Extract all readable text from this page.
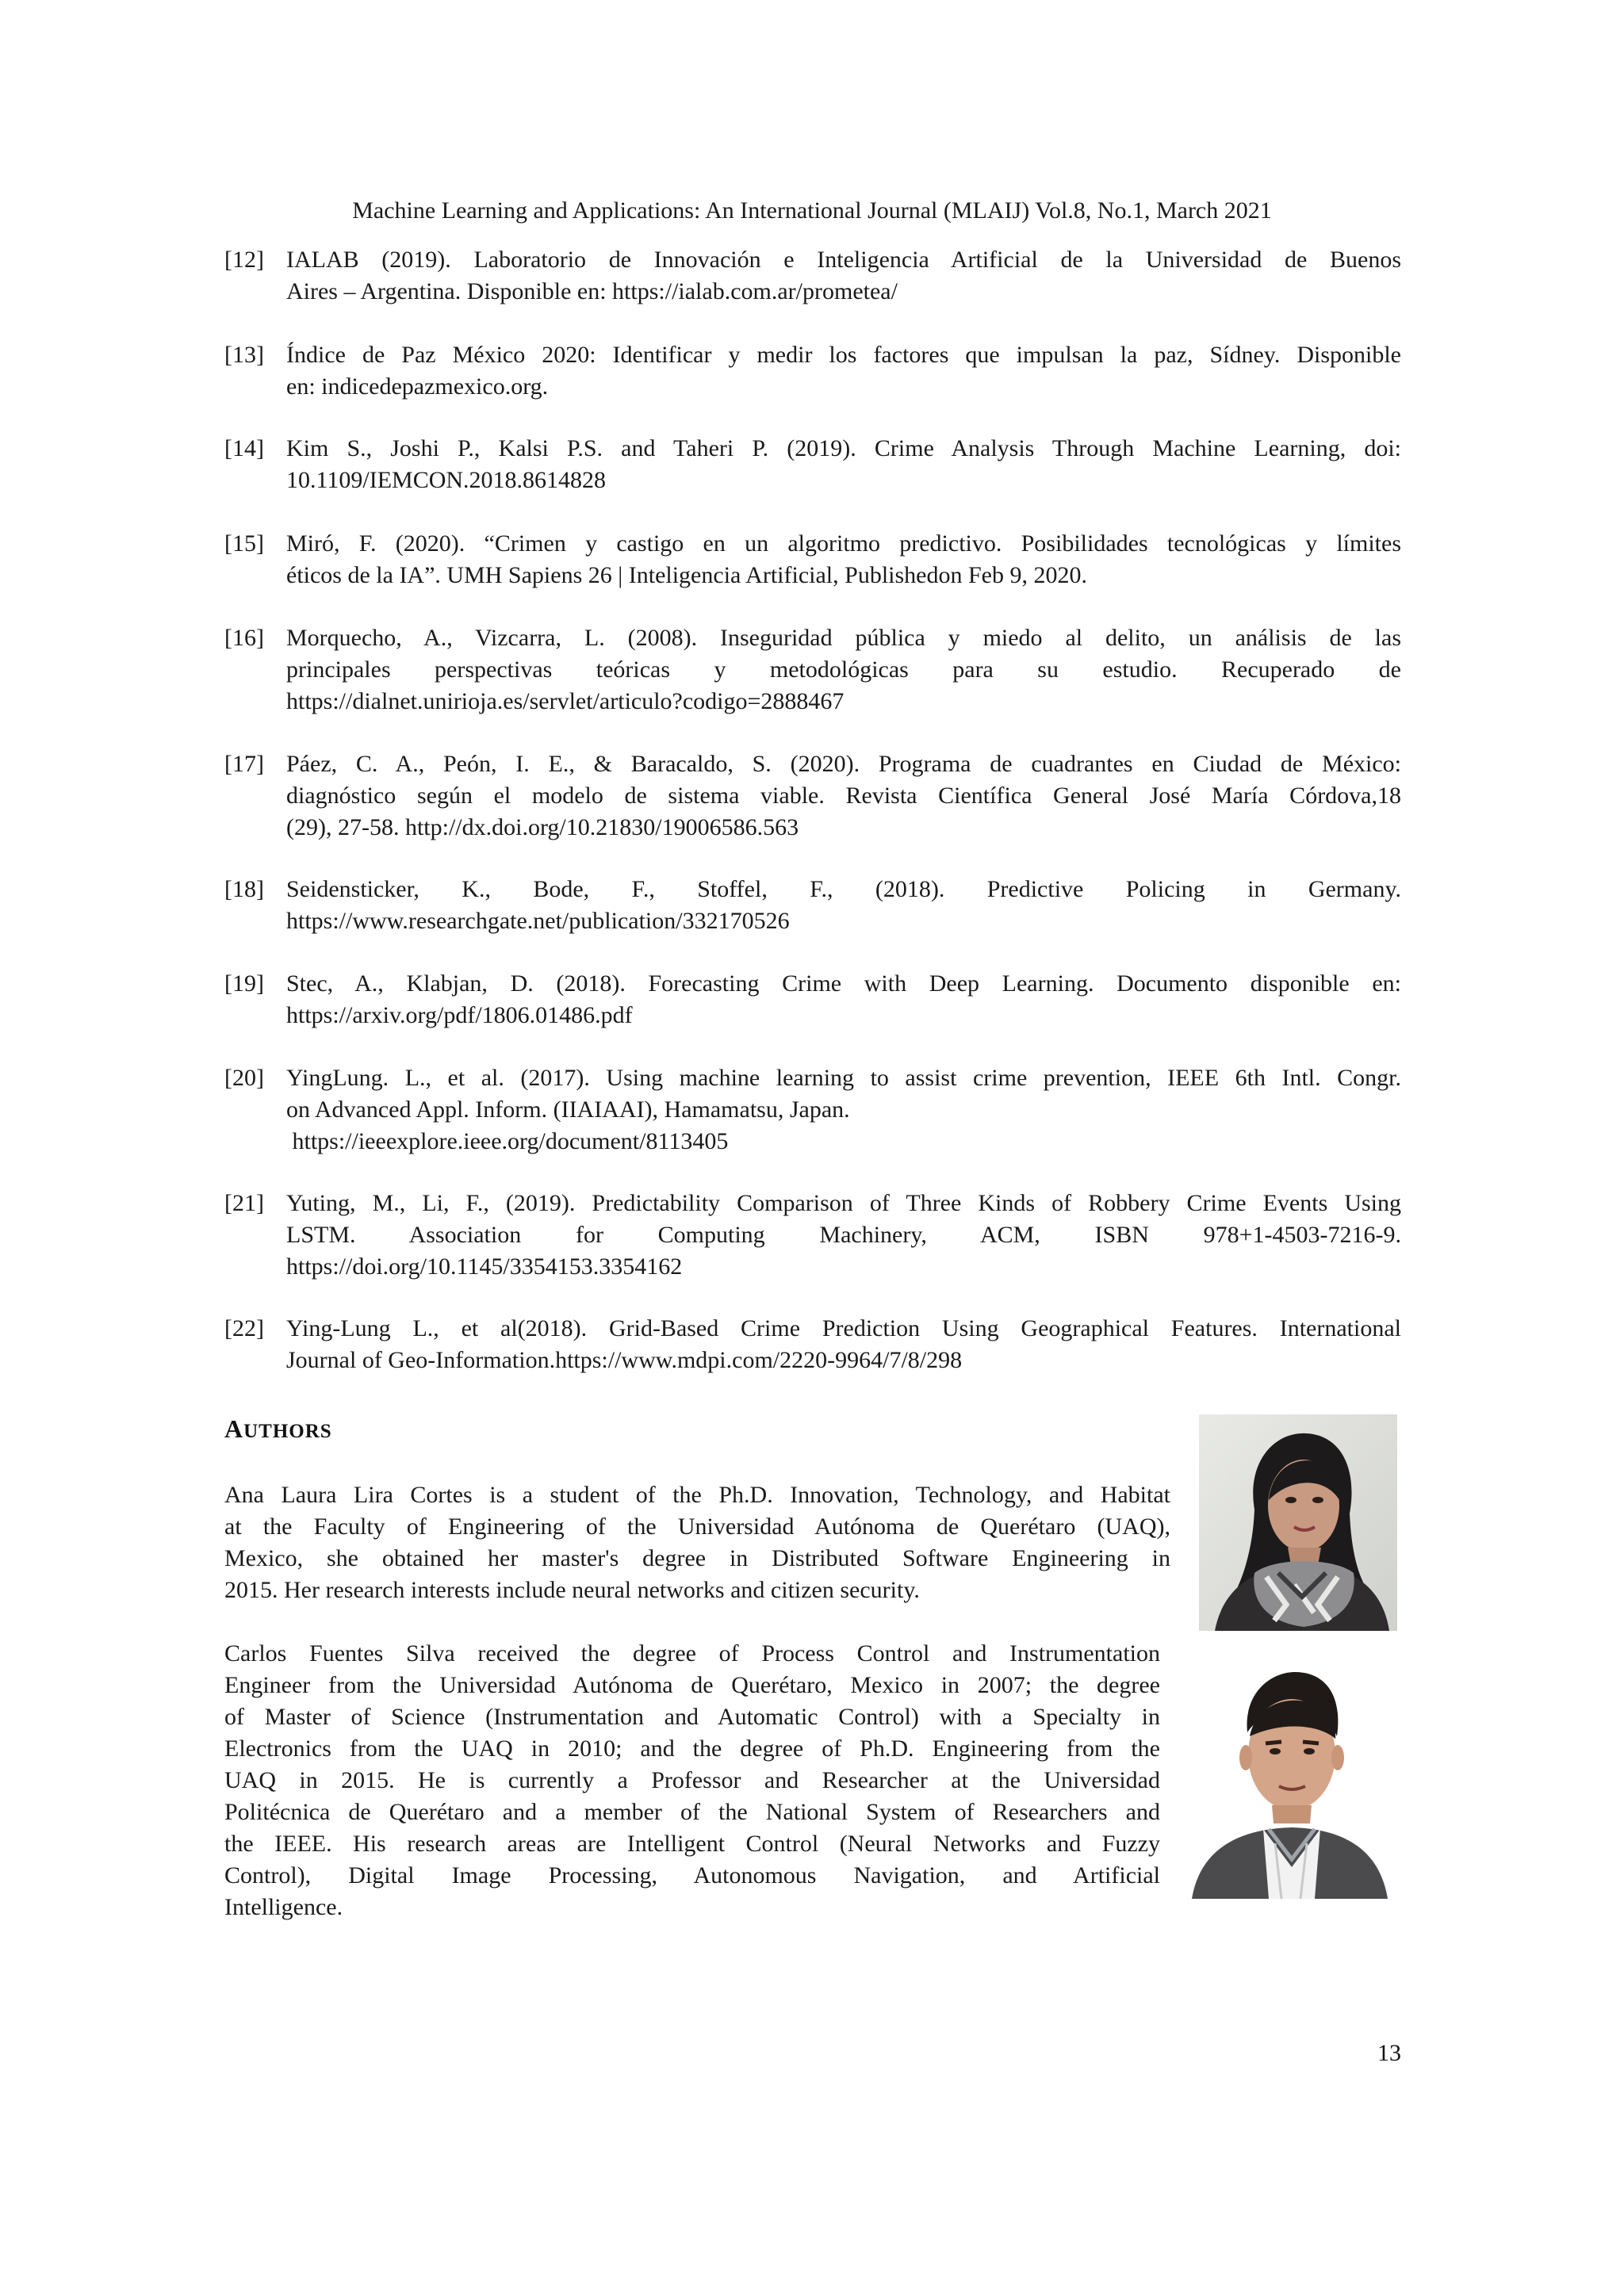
Machine Learning and Applications: An International Journal (MLAIJ) Vol.8, No.1, March 2021
[12] IALAB (2019). Laboratorio de Innovación e Inteligencia Artificial de la Universidad de Buenos
Aires – Argentina. Disponible en: https://ialab.com.ar/prometea/
[13] Índice de Paz México 2020: Identificar y medir los factores que impulsan la paz, Sídney. Disponible
en: indicedepazmexico.org.
[14] Kim S., Joshi P., Kalsi P.S. and Taheri P. (2019). Crime Analysis Through Machine Learning, doi:
10.1109/IEMCON.2018.8614828
[15] Miró, F. (2020). “Crimen y castigo en un algoritmo predictivo. Posibilidades tecnológicas y límites
éticos de la IA”. UMH Sapiens 26 | Inteligencia Artificial, Publishedon Feb 9, 2020.
[16] Morquecho, A., Vizcarra, L. (2008). Inseguridad pública y miedo al delito, un análisis de las
principales perspectivas teóricas y metodológicas para su estudio. Recuperado de
https://dialnet.unirioja.es/servlet/articulo?codigo=2888467
[17] Páez, C. A., Peón, I. E., & Baracaldo, S. (2020). Programa de cuadrantes en Ciudad de México:
diagnóstico según el modelo de sistema viable. Revista Científica General José María Córdova,18
(29), 27-58. http://dx.doi.org/10.21830/19006586.563
[18] Seidensticker, K., Bode, F., Stoffel, F., (2018). Predictive Policing in Germany.
https://www.researchgate.net/publication/332170526
[19] Stec, A., Klabjan, D. (2018). Forecasting Crime with Deep Learning. Documento disponible en:
https://arxiv.org/pdf/1806.01486.pdf
[20] YingLung. L., et al. (2017). Using machine learning to assist crime prevention, IEEE 6th Intl. Congr.
on Advanced Appl. Inform. (IIAIAAI), Hamamatsu, Japan.
https://ieeexplore.ieee.org/document/8113405
[21] Yuting, M., Li, F., (2019). Predictability Comparison of Three Kinds of Robbery Crime Events Using
LSTM. Association for Computing Machinery, ACM, ISBN 978+1-4503-7216-9.
https://doi.org/10.1145/3354153.3354162
[22] Ying-Lung L., et al(2018). Grid-Based Crime Prediction Using Geographical Features. International
Journal of Geo-Information.https://www.mdpi.com/2220-9964/7/8/298
AUTHORS
Ana Laura Lira Cortes is a student of the Ph.D. Innovation, Technology, and Habitat
at the Faculty of Engineering of the Universidad Autónoma de Querétaro (UAQ),
Mexico, she obtained her master's degree in Distributed Software Engineering in
2015. Her research interests include neural networks and citizen security.
Carlos Fuentes Silva received the degree of Process Control and Instrumentation
Engineer from the Universidad Autónoma de Querétaro, Mexico in 2007; the degree
of Master of Science (Instrumentation and Automatic Control) with a Specialty in
Electronics from the UAQ in 2010; and the degree of Ph.D. Engineering from the
UAQ in 2015. He is currently a Professor and Researcher at the Universidad
Politécnica de Querétaro and a member of the National System of Researchers and
the IEEE. His research areas are Intelligent Control (Neural Networks and Fuzzy
Control), Digital Image Processing, Autonomous Navigation, and Artificial
Intelligence.
13
